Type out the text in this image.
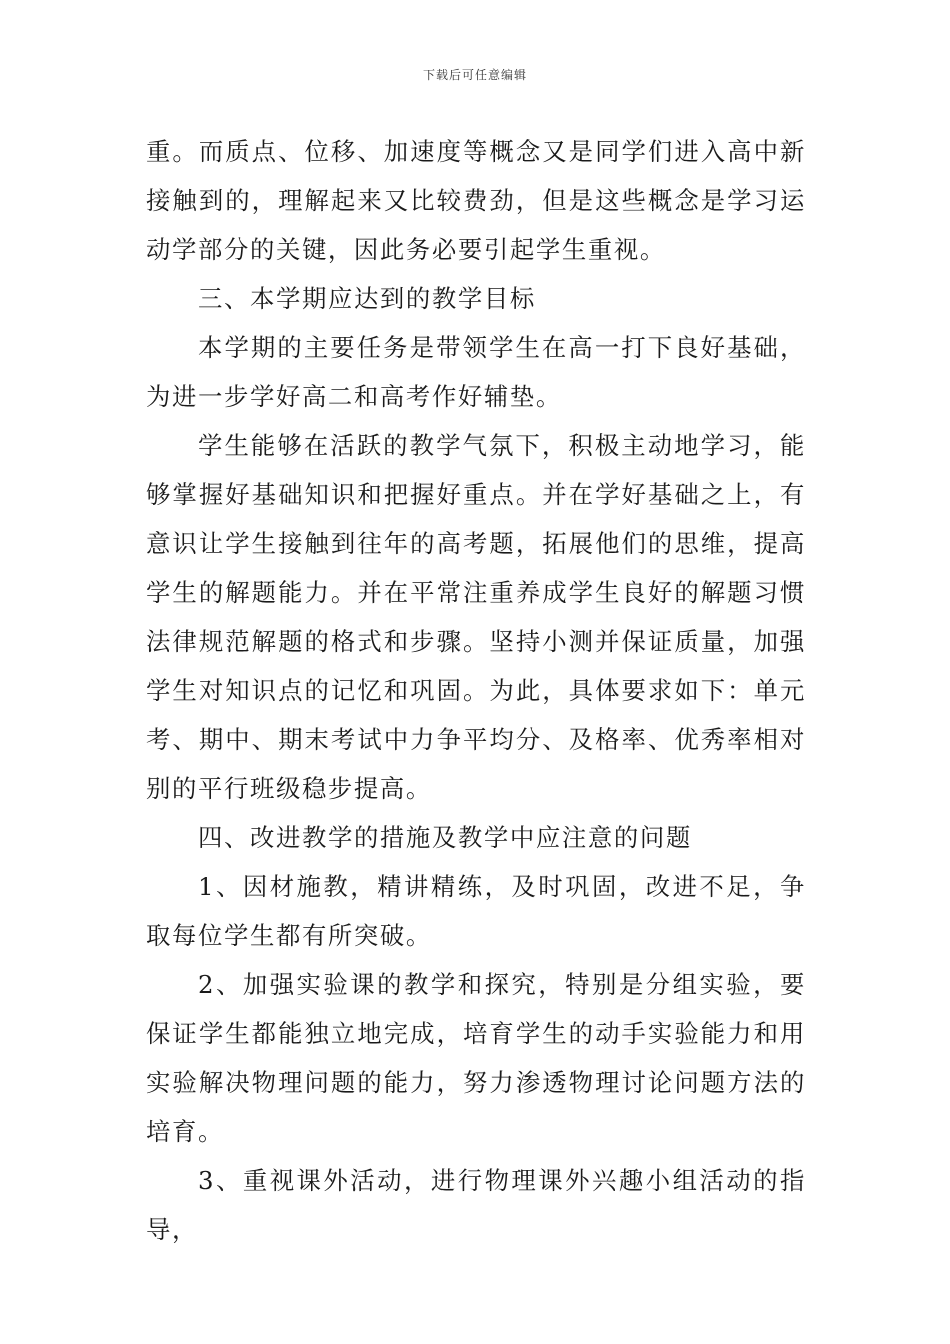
下载后可任意编辑

重。而质点、位移、加速度等概念又是同学们进入高中新接触到的，理解起来又比较费劲，但是这些概念是学习运动学部分的关键，因此务必要引起学生重视。

三、本学期应达到的教学目标

本学期的主要任务是带领学生在高一打下良好基础，为进一步学好高二和高考作好辅垫。

学生能够在活跃的教学气氛下，积极主动地学习，能够掌握好基础知识和把握好重点。并在学好基础之上，有意识让学生接触到往年的高考题，拓展他们的思维，提高学生的解题能力。并在平常注重养成学生良好的解题习惯法律规范解题的格式和步骤。坚持小测并保证质量，加强学生对知识点的记忆和巩固。为此，具体要求如下：单元考、期中、期末考试中力争平均分、及格率、优秀率相对别的平行班级稳步提高。

四、改进教学的措施及教学中应注意的问题

1、因材施教，精讲精练，及时巩固，改进不足，争取每位学生都有所突破。

2、加强实验课的教学和探究，特别是分组实验，要保证学生都能独立地完成，培育学生的动手实验能力和用实验解决物理问题的能力，努力渗透物理讨论问题方法的培育。

3、重视课外活动，进行物理课外兴趣小组活动的指导，
